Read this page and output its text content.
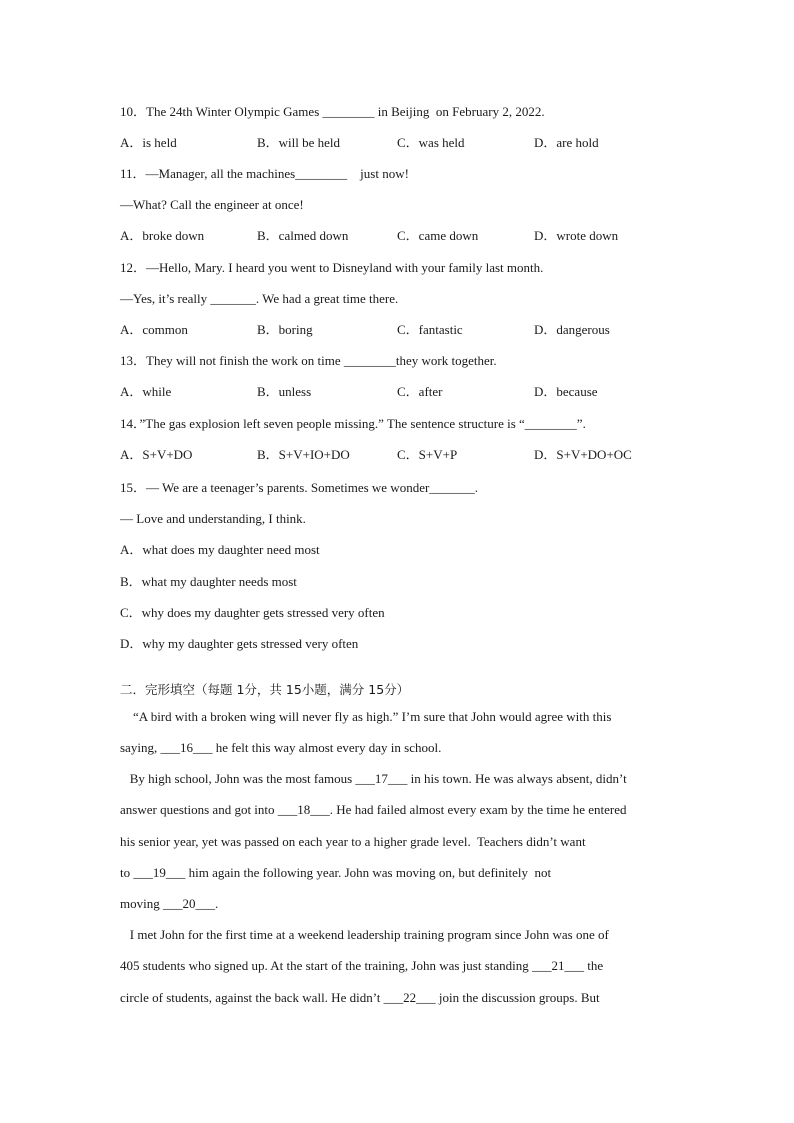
10．The 24th Winter Olympic Games ________ in Beijing  on February 2, 2022.
A．is held	B．will be held	C．was held	D．are hold
11．—Manager, all the machines________    just now!
—What? Call the engineer at once!
A．broke down	B．calmed down	C．came down	D．wrote down
12．—Hello, Mary. I heard you went to Disneyland with your family last month.
—Yes, it’s really _______. We had a great time there.
A．common	B．boring	C．fantastic	D．dangerous
13．They will not finish the work on time ________they work together.
A．while	B．unless	C．after	D．because
14．”The gas explosion left seven people missing.” The sentence structure is “________”.
A．S+V+DO	B．S+V+IO+DO	C．S+V+P	D．S+V+DO+OC
15．— We are a teenager’s parents. Sometimes we wonder_______.
— Love and understanding, I think.
A．what does my daughter need most
B．what my daughter needs most
C．why does my daughter gets stressed very often
D．why my daughter gets stressed very often
二．完形填空（每题 1分，共 15小题，满分 15分）
“A bird with a broken wing will never fly as high.” I’m sure that John would agree with this
saying, ___16___ he felt this way almost every day in school.
By high school, John was the most famous ___17___ in his town. He was always absent, didn’t
answer questions and got into ___18___. He had failed almost every exam by the time he entered
his senior year, yet was passed on each year to a higher grade level.  Teachers didn’t want
to ___19___ him again the following year. John was moving on, but definitely  not
moving ___20___.
I met John for the first time at a weekend leadership training program since John was one of
405 students who signed up. At the start of the training, John was just standing ___21___ the
circle of students, against the back wall. He didn’t ___22___ join the discussion groups. But
